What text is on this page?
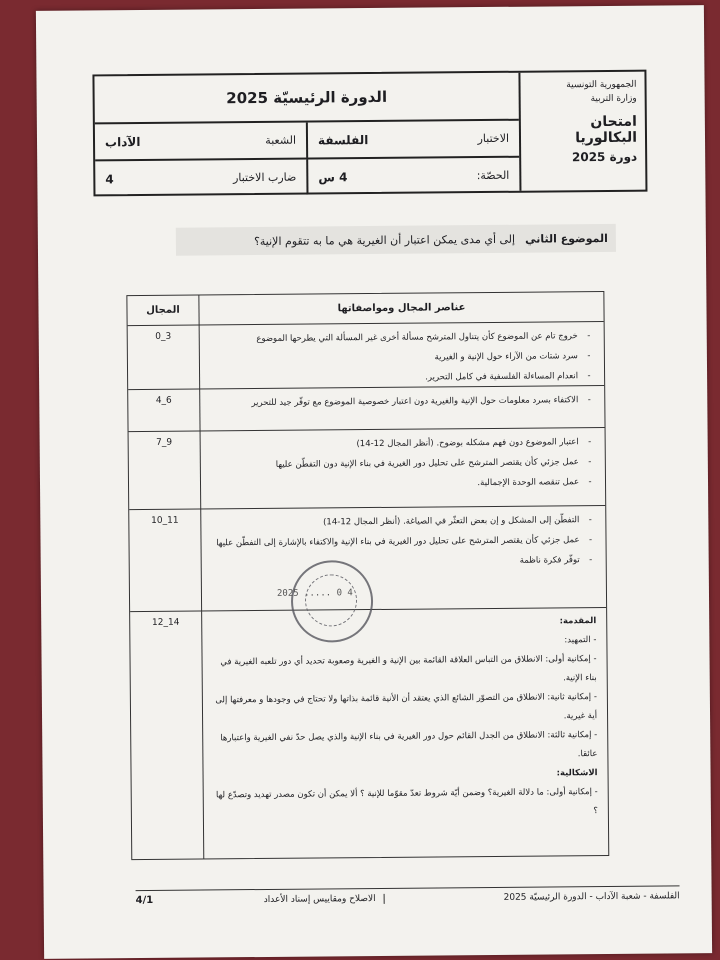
الجمهورية التونسية
وزارة التربية
امتحان البكالوريا
دورة 2025
الدورة الرئيسيّة 2025
الاختبار
الفلسفة
الشعبة
الآداب
الحصّة:
4 س
ضارب الاختبار
4
الموضوع الثاني
إلى أي مدى يمكن اعتبار أن الغيرية هي ما به تتقوم الإنية؟
عناصر المجال ومواصفاتها
المجال
-
خروج تام عن الموضوع كأن يتناول المترشح مسألة أخرى غير المسألة التي يطرحها الموضوع
-
سرد شتات من الآراء حول الإنية و الغيرية
-
انعدام المساءلة الفلسفية في كامل التحرير.
3_0
-
الاكتفاء بسرد معلومات حول الإنية والغيرية دون اعتبار خصوصية الموضوع مع توفّر جيد للتحرير
6_4
-
اعتبار الموضوع دون فهم مشكله بوضوح. (أنظر المجال 12-14)
-
عمل جزئي كأن يقتصر المترشح على تحليل دور الغيرية في بناء الإنية دون التفطّن عليها
-
عمل تنقصه الوحدة الإجمالية.
9_7
-
التفطّن إلى المشكل و إن بعض التعثّر في الصياغة. (أنظر المجال 12-14)
-
عمل جزئي كأن يقتصر المترشح على تحليل دور الغيرية في بناء الإنية والاكتفاء بالإشارة إلى التفطّن عليها
-
توفّر فكرة ناظمة
11_10
المقدمة:
- التمهيد:
- إمكانية أولى: الانطلاق من التباس العلاقة القائمة بين الإنية و الغيرية وصعوبة تحديد أي دور تلعبه الغيرية في بناء الإنية.
- إمكانية ثانية: الانطلاق من التصوّر الشائع الذي يعتقد أن الأنية قائمة بذاتها ولا تحتاج في وجودها و معرفتها إلى أية غيرية.
- إمكانية ثالثة: الانطلاق من الجدل القائم حول دور الغيرية في بناء الإنية والذي يصل حدّ نفي الغيرية واعتبارها عائقا.
الاشكالية:
- إمكانية أولى: ما دلالة الغيرية؟ وضمن أيّة شروط تعدّ مقوّما للإنية ؟ ألا يمكن أن تكون مصدر تهديد وتصدّع لها ؟
14_12
2025 ..... 0 4
الفلسفة - شعبة الآداب - الدورة الرئيسيّة 2025
الاصلاح ومقاييس إسناد الأعداد
4/1
